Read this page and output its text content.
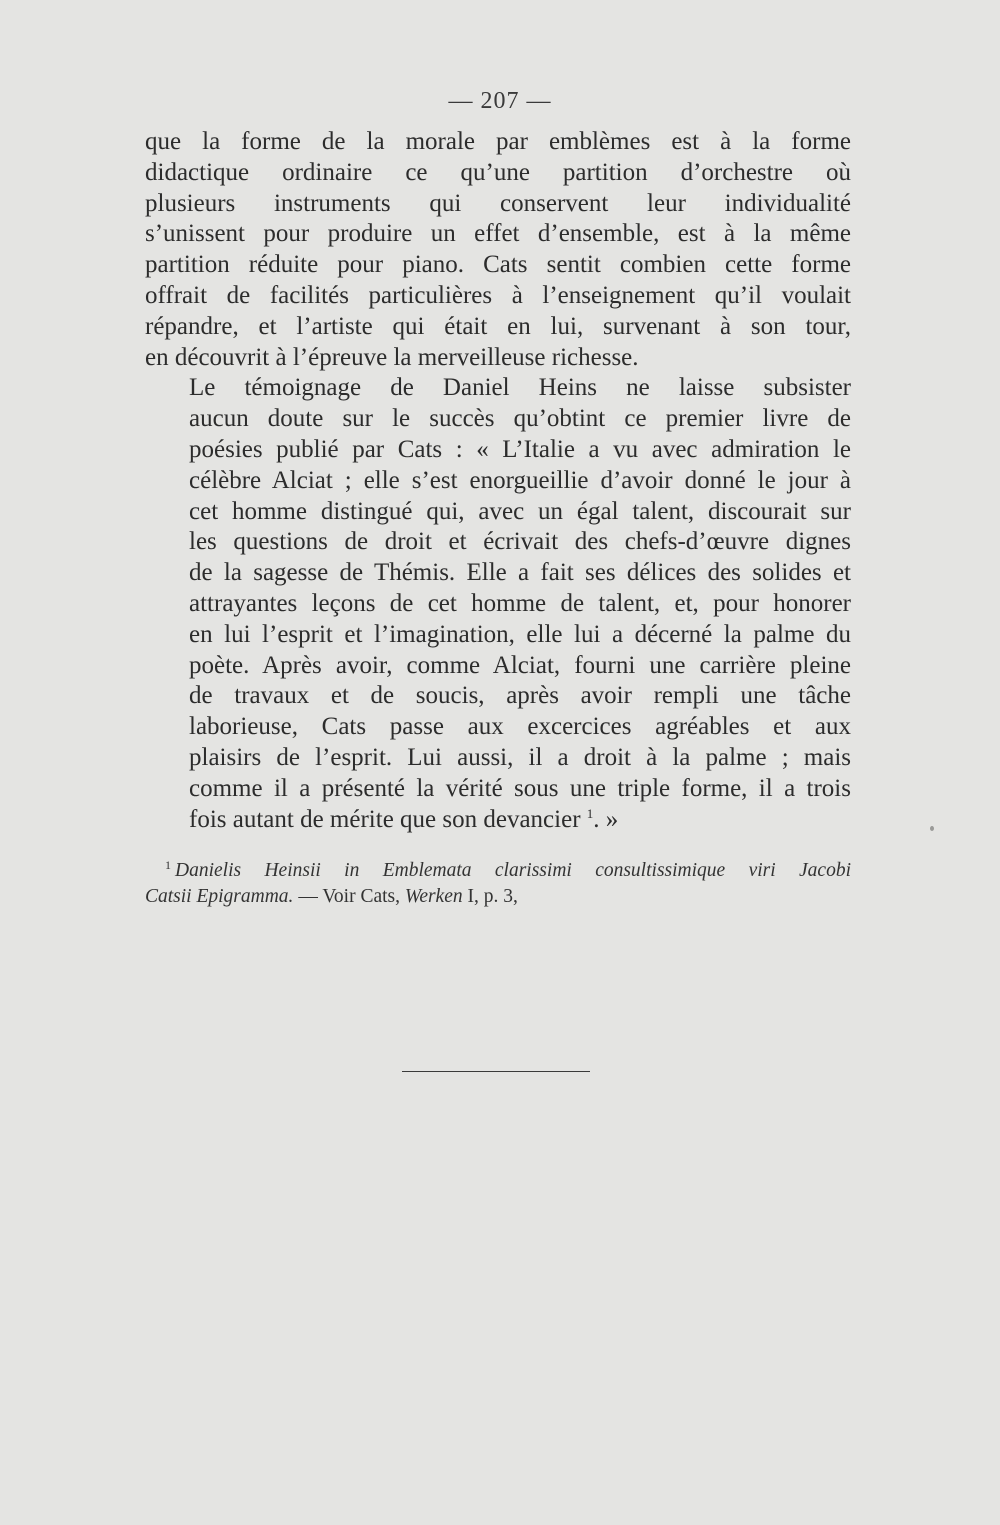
— 207 —

que la forme de la morale par emblèmes est à la forme
didactique ordinaire ce qu’une partition d’orchestre où
plusieurs instruments qui conservent leur individualité
s’unissent pour produire un effet d’ensemble, est à la même
partition réduite pour piano. Cats sentit combien cette forme
offrait de facilités particulières à l’enseignement qu’il voulait
répandre, et l’artiste qui était en lui, survenant à son tour,
en découvrit à l’épreuve la merveilleuse richesse.

Le témoignage de Daniel Heins ne laisse subsister
aucun doute sur le succès qu’obtint ce premier livre de
poésies publié par Cats : « L’Italie a vu avec admiration le
célèbre Alciat ; elle s’est enorgueillie d’avoir donné le jour à
cet homme distingué qui, avec un égal talent, discourait sur
les questions de droit et écrivait des chefs-d’œuvre dignes
de la sagesse de Thémis. Elle a fait ses délices des solides et
attrayantes leçons de cet homme de talent, et, pour honorer
en lui l’esprit et l’imagination, elle lui a décerné la palme du
poète. Après avoir, comme Alciat, fourni une carrière pleine
de travaux et de soucis, après avoir rempli une tâche
laborieuse, Cats passe aux excercices agréables et aux
plaisirs de l’esprit. Lui aussi, il a droit à la palme ; mais
comme il a présenté la vérité sous une triple forme, il a trois
fois autant de mérite que son devancier $^1$. »

$^1$ Danielis Heinsii in Emblemata clarissimi consultissimique viri Jacobi
Catsii Epigramma. — Voir Cats, Werken I, p. 3,
